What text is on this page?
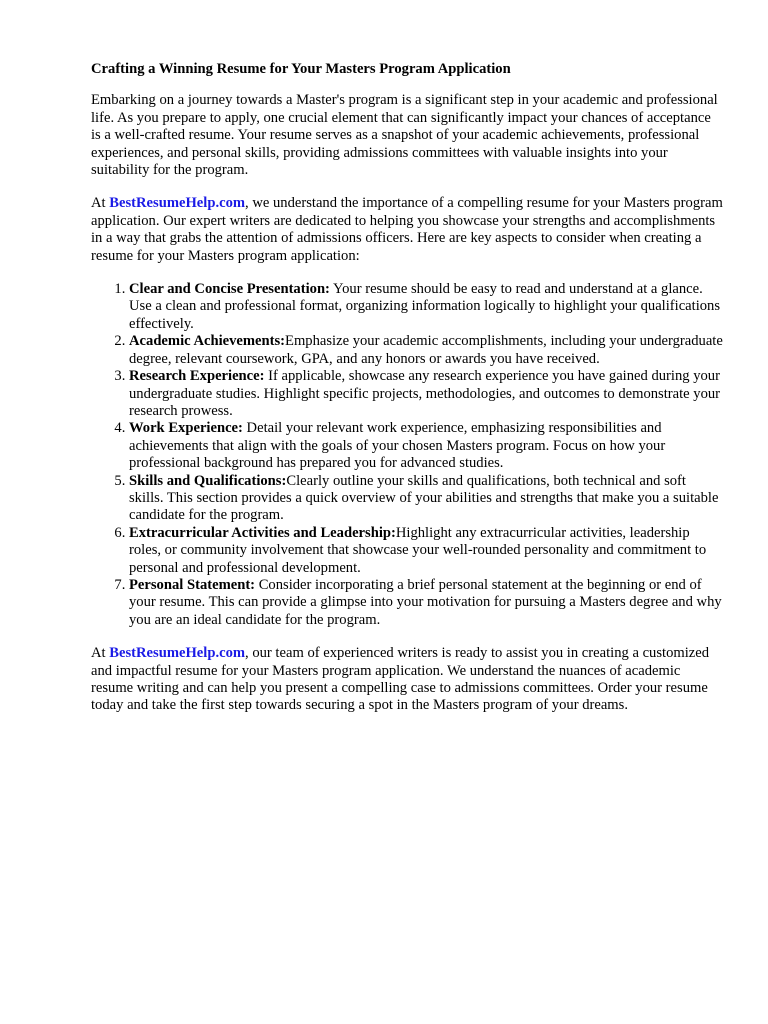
Crafting a Winning Resume for Your Masters Program Application

Embarking on a journey towards a Master's program is a significant step in your academic and professional life. As you prepare to apply, one crucial element that can significantly impact your chances of acceptance is a well-crafted resume. Your resume serves as a snapshot of your academic achievements, professional experiences, and personal skills, providing admissions committees with valuable insights into your suitability for the program.

At BestResumeHelp.com, we understand the importance of a compelling resume for your Masters program application. Our expert writers are dedicated to helping you showcase your strengths and accomplishments in a way that grabs the attention of admissions officers. Here are key aspects to consider when creating a resume for your Masters program application:

1. Clear and Concise Presentation: Your resume should be easy to read and understand at a glance. Use a clean and professional format, organizing information logically to highlight your qualifications effectively.
2. Academic Achievements:Emphasize your academic accomplishments, including your undergraduate degree, relevant coursework, GPA, and any honors or awards you have received.
3. Research Experience: If applicable, showcase any research experience you have gained during your undergraduate studies. Highlight specific projects, methodologies, and outcomes to demonstrate your research prowess.
4. Work Experience: Detail your relevant work experience, emphasizing responsibilities and achievements that align with the goals of your chosen Masters program. Focus on how your professional background has prepared you for advanced studies.
5. Skills and Qualifications:Clearly outline your skills and qualifications, both technical and soft skills. This section provides a quick overview of your abilities and strengths that make you a suitable candidate for the program.
6. Extracurricular Activities and Leadership:Highlight any extracurricular activities, leadership roles, or community involvement that showcase your well-rounded personality and commitment to personal and professional development.
7. Personal Statement: Consider incorporating a brief personal statement at the beginning or end of your resume. This can provide a glimpse into your motivation for pursuing a Masters degree and why you are an ideal candidate for the program.

At BestResumeHelp.com, our team of experienced writers is ready to assist you in creating a customized and impactful resume for your Masters program application. We understand the nuances of academic resume writing and can help you present a compelling case to admissions committees. Order your resume today and take the first step towards securing a spot in the Masters program of your dreams.
